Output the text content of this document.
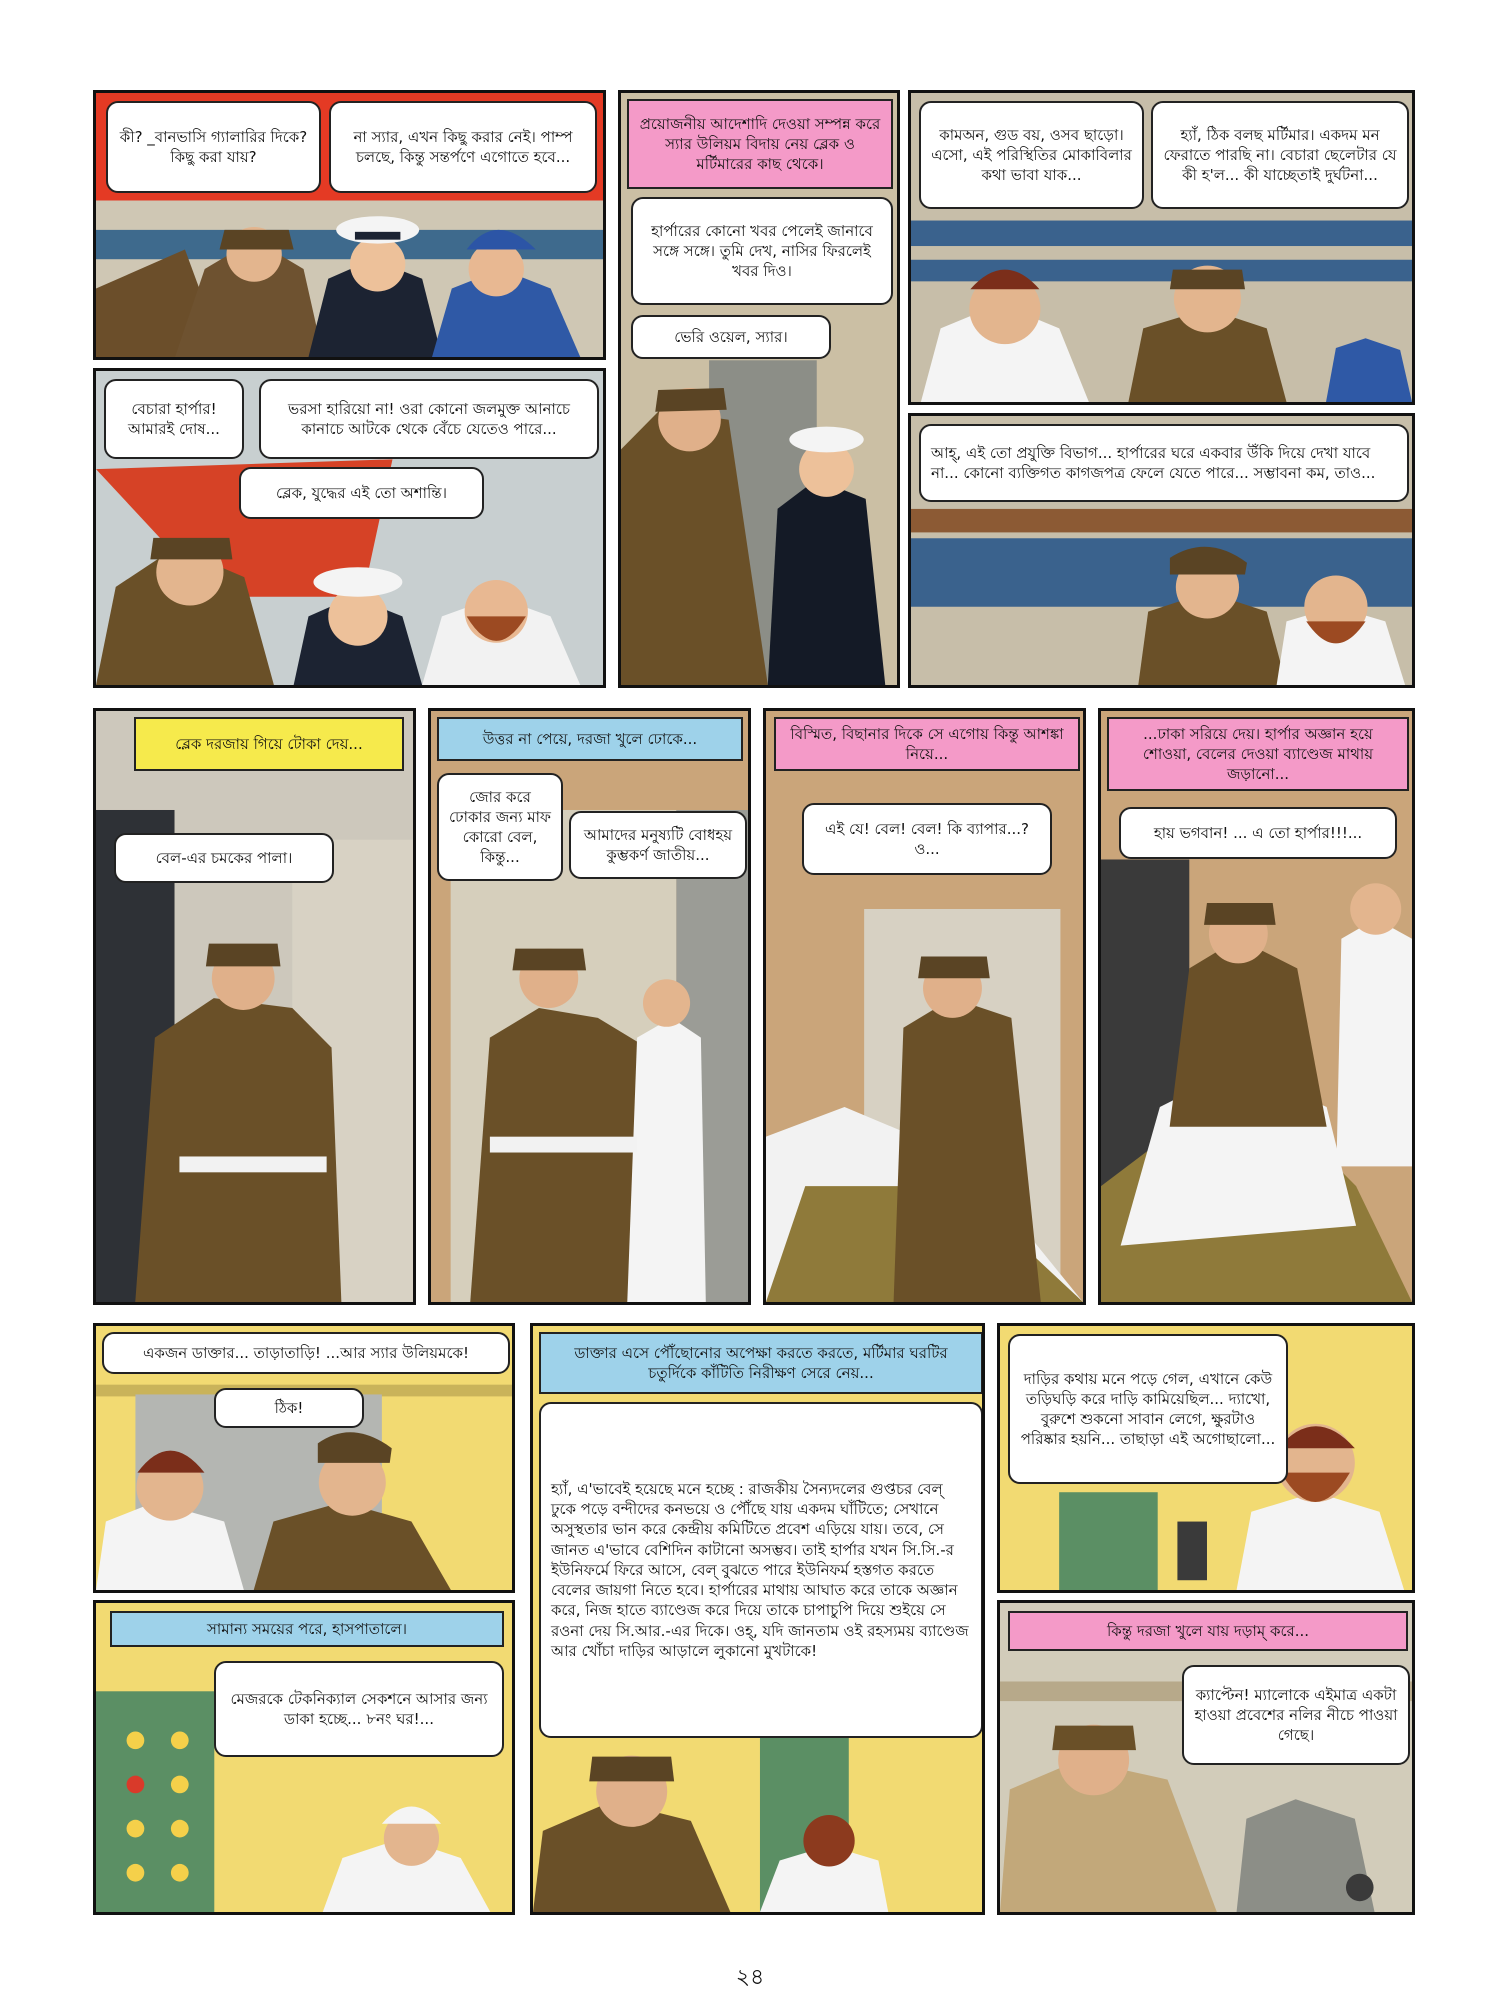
কী? _বানভাসি গ্যালারির দিকে? কিছু করা যায়?
না স্যার, এখন কিছু করার নেই। পাম্প চলছে, কিন্তু সন্তর্পণে এগোতে হবে...
বেচারা হার্পার! আমারই দোষ...
ভরসা হারিয়ো না! ওরা কোনো জলমুক্ত আনাচে কানাচে আটকে থেকে বেঁচে যেতেও পারে...
ব্লেক, যুদ্ধের এই তো অশান্তি।
প্রয়োজনীয় আদেশাদি দেওয়া সম্পন্ন করে স্যার উলিয়ম বিদায় নেয় ব্লেক ও মর্টিমারের কাছ থেকে।
হার্পারের কোনো খবর পেলেই জানাবে সঙ্গে সঙ্গে। তুমি দেখ, নাসির ফিরলেই খবর দিও।
ভেরি ওয়েল, স্যার।
কামঅন, গুড বয়, ওসব ছাড়ো। এসো, এই পরিস্থিতির মোকাবিলার কথা ভাবা যাক...
হ্যাঁ, ঠিক বলছ মর্টিমার। একদম মন ফেরাতে পারছি না। বেচারা ছেলেটার যে কী হ'ল... কী যাচ্ছেতাই দুর্ঘটনা...
আহ্, এই তো প্রযুক্তি বিভাগ... হার্পারের ঘরে একবার উঁকি দিয়ে দেখা যাবে না... কোনো ব্যক্তিগত কাগজপত্র ফেলে যেতে পারে... সম্ভাবনা কম, তাও...
ব্লেক দরজায় গিয়ে টোকা দেয়...
বেল-এর চমকের পালা।
উত্তর না পেয়ে, দরজা খুলে ঢোকে...
জোর করে ঢোকার জন্য মাফ কোরো বেল, কিন্তু...
আমাদের মনুষ্যটি বোধহয় কুম্ভকর্ণ জাতীয়...
বিস্মিত, বিছানার দিকে সে এগোয় কিন্তু আশঙ্কা নিয়ে...
এই যে! বেল! বেল! কি ব্যাপার...? ও...
...ঢাকা সরিয়ে দেয়। হার্পার অজ্ঞান হয়ে শোওয়া, বেলের দেওয়া ব্যাণ্ডেজ মাথায় জড়ানো...
হায় ভগবান! ... এ তো হার্পার!!!...
একজন ডাক্তার... তাড়াতাড়ি! ...আর স্যার উলিয়মকে!
ঠিক!
সামান্য সময়ের পরে, হাসপাতালে।
মেজরকে টেকনিক্যাল সেকশনে আসার জন্য ডাকা হচ্ছে... ৮নং ঘর!...
ডাক্তার এসে পৌঁছোনোর অপেক্ষা করতে করতে, মর্টিমার ঘরটির চতুর্দিকে কাঁটিতি নিরীক্ষণ সেরে নেয়...
হ্যাঁ, এ'ভাবেই হয়েছে মনে হচ্ছে : রাজকীয় সৈন্যদলের গুপ্তচর বেল্ ঢুকে পড়ে বন্দীদের কনভয়ে ও পৌঁছে যায় একদম ঘাঁটিতে; সেখানে অসুস্থতার ভান করে কেন্দ্রীয় কমিটিতে প্রবেশ এড়িয়ে যায়। তবে, সে জানত এ'ভাবে বেশিদিন কাটানো অসম্ভব। তাই হার্পার যখন সি.সি.-র ইউনিফর্মে ফিরে আসে, বেল্ বুঝতে পারে ইউনিফর্ম হস্তগত করতে বেলের জায়গা নিতে হবে। হার্পারের মাথায় আঘাত করে তাকে অজ্ঞান করে, নিজ হাতে ব্যাণ্ডেজ করে দিয়ে তাকে চাপাচুপি দিয়ে শুইয়ে সে রওনা দেয় সি.আর.-এর দিকে। ওহ্, যদি জানতাম ওই রহস্যময় ব্যাণ্ডেজ আর খোঁচা দাড়ির আড়ালে লুকানো মুখটাকে!
দাড়ির কথায় মনে পড়ে গেল, এখানে কেউ তড়িঘড়ি করে দাড়ি কামিয়েছিল... দ্যাখো, বুরুশে শুকনো সাবান লেগে, ক্ষুরটাও পরিষ্কার হয়নি... তাছাড়া এই অগোছালো...
কিন্তু দরজা খুলে যায় দড়াম্ করে...
ক্যাপ্টেন! ম্যালোকে এইমাত্র একটা হাওয়া প্রবেশের নলির নীচে পাওয়া গেছে।
২৪
